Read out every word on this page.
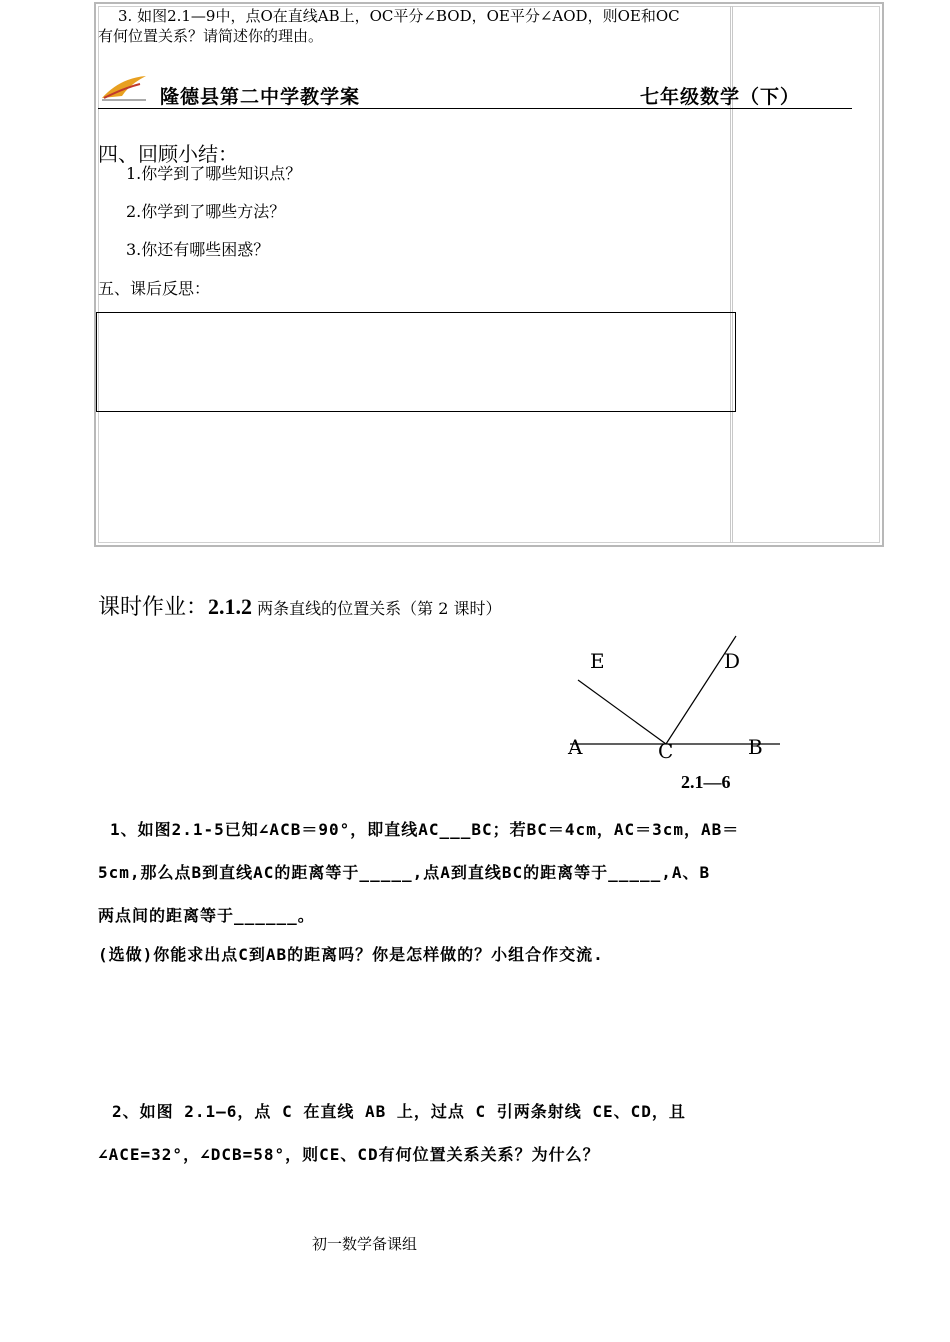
3. 如图2.1—9中，点O在直线AB上，OC平分∠BOD，OE平分∠AOD，则OE和OC
有何位置关系？请简述你的理由。
隆德县第二中学教学案	七年级数学（下）
四、回顾小结：
1.你学到了哪些知识点？
2.你学到了哪些方法？
3.你还有哪些困惑？
五、课后反思：
课时作业：2.1.2 两条直线的位置关系（第 2 课时）
E	D
A	C	B
2.1—6
1、如图2.1-5已知∠ACB＝90°，即直线AC___BC；若BC＝4cm，AC＝3cm，AB＝
5cm,那么点B到直线AC的距离等于_____,点A到直线BC的距离等于_____,A、B
两点间的距离等于______。
(选做)你能求出点C到AB的距离吗？你是怎样做的？小组合作交流.
2、如图 2.1—6，点 C 在直线 AB 上，过点 C 引两条射线 CE、CD，且
∠ACE=32°，∠DCB=58°，则CE、CD有何位置关系关系？为什么？
初一数学备课组
